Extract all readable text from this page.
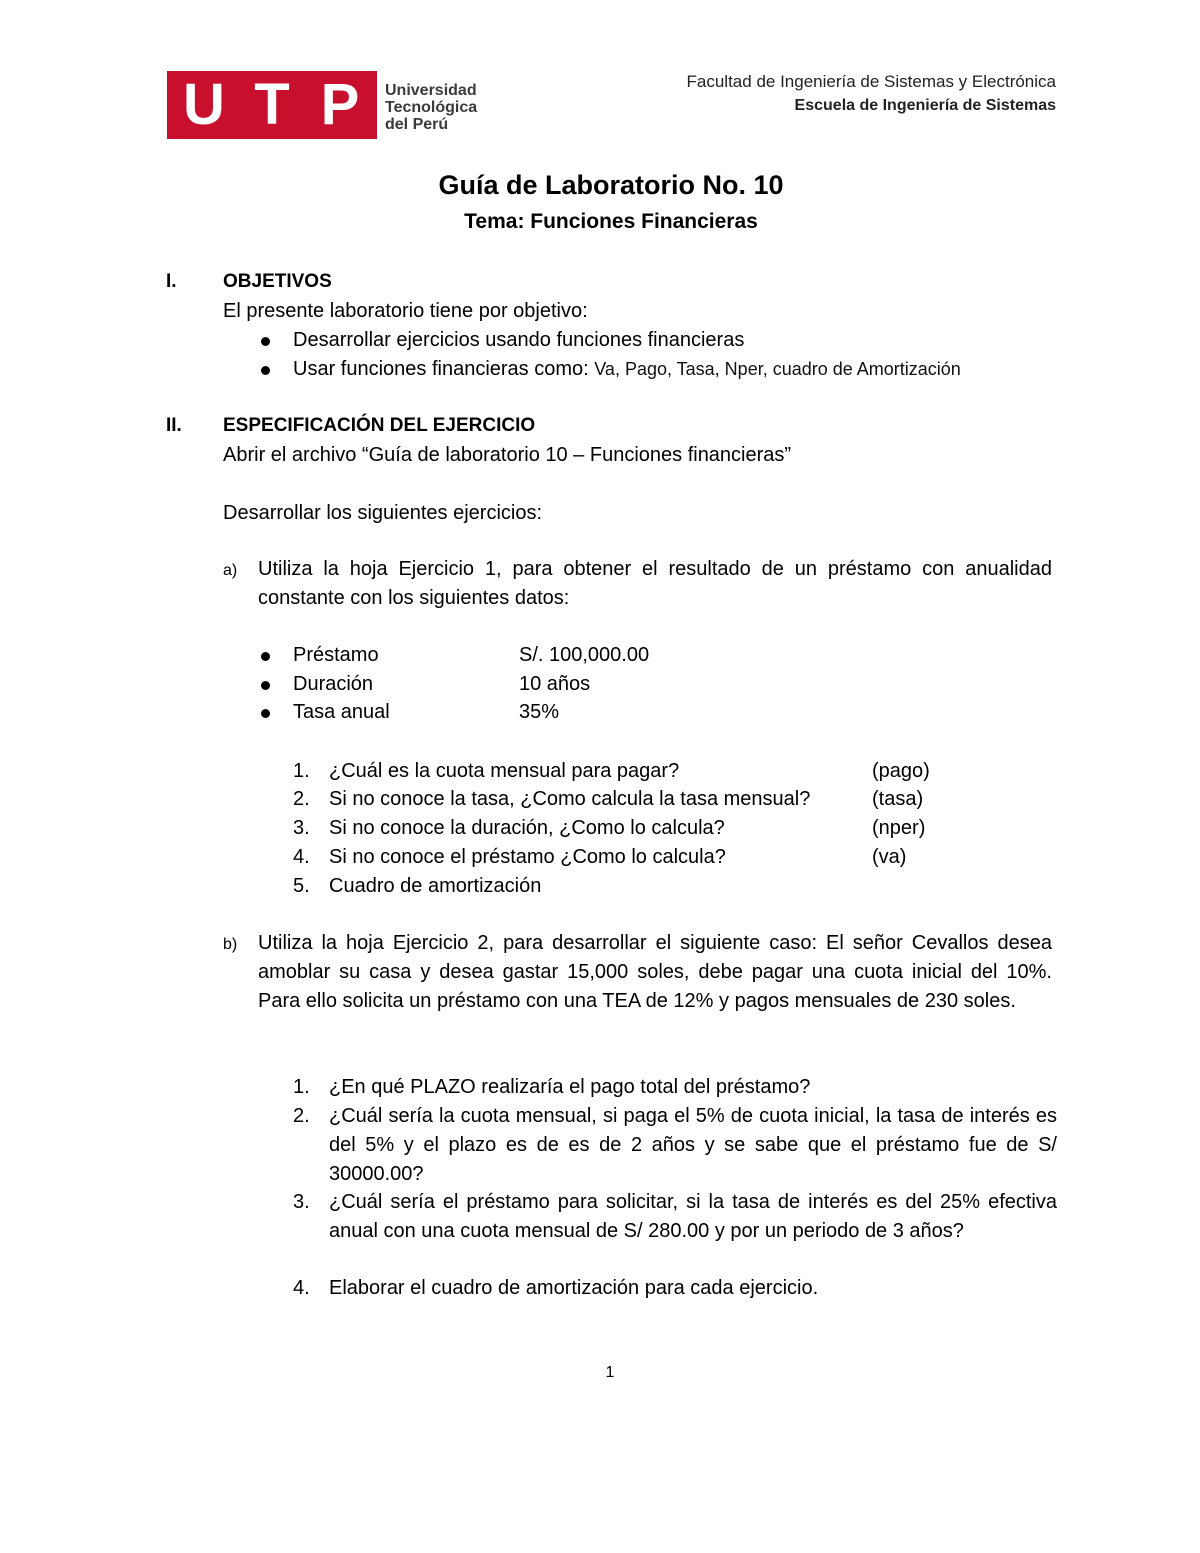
U T P	Universidad
Tecnológica
del Perú
Facultad de Ingeniería de Sistemas y Electrónica
Escuela de Ingeniería de Sistemas
Guía de Laboratorio No. 10
Tema: Funciones Financieras
I. OBJETIVOS
El presente laboratorio tiene por objetivo:
Desarrollar ejercicios usando funciones financieras
Usar funciones financieras como: Va, Pago, Tasa, Nper, cuadro de Amortización
II. ESPECIFICACIÓN DEL EJERCICIO
Abrir el archivo “Guía de laboratorio 10 – Funciones financieras”
Desarrollar los siguientes ejercicios:
a) Utiliza la hoja Ejercicio 1, para obtener el resultado de un préstamo con anualidad constante con los siguientes datos:
Préstamo	S/. 100,000.00
Duración	10 años
Tasa anual	35%
1. ¿Cuál es la cuota mensual para pagar?	(pago)
2. Si no conoce la tasa, ¿Como calcula la tasa mensual?	(tasa)
3. Si no conoce la duración, ¿Como lo calcula?	(nper)
4. Si no conoce el préstamo ¿Como lo calcula?	(va)
5. Cuadro de amortización
b) Utiliza la hoja Ejercicio 2, para desarrollar el siguiente caso: El señor Cevallos desea amoblar su casa y desea gastar 15,000 soles, debe pagar una cuota inicial del 10%. Para ello solicita un préstamo con una TEA de 12% y pagos mensuales de 230 soles.
1. ¿En qué PLAZO realizaría el pago total del préstamo?
2. ¿Cuál sería la cuota mensual, si paga el 5% de cuota inicial, la tasa de interés es del 5% y el plazo es de es de 2 años y se sabe que el préstamo fue de S/ 30000.00?
3. ¿Cuál sería el préstamo para solicitar, si la tasa de interés es del 25% efectiva anual con una cuota mensual de S/ 280.00 y por un periodo de 3 años?
4. Elaborar el cuadro de amortización para cada ejercicio.
1
